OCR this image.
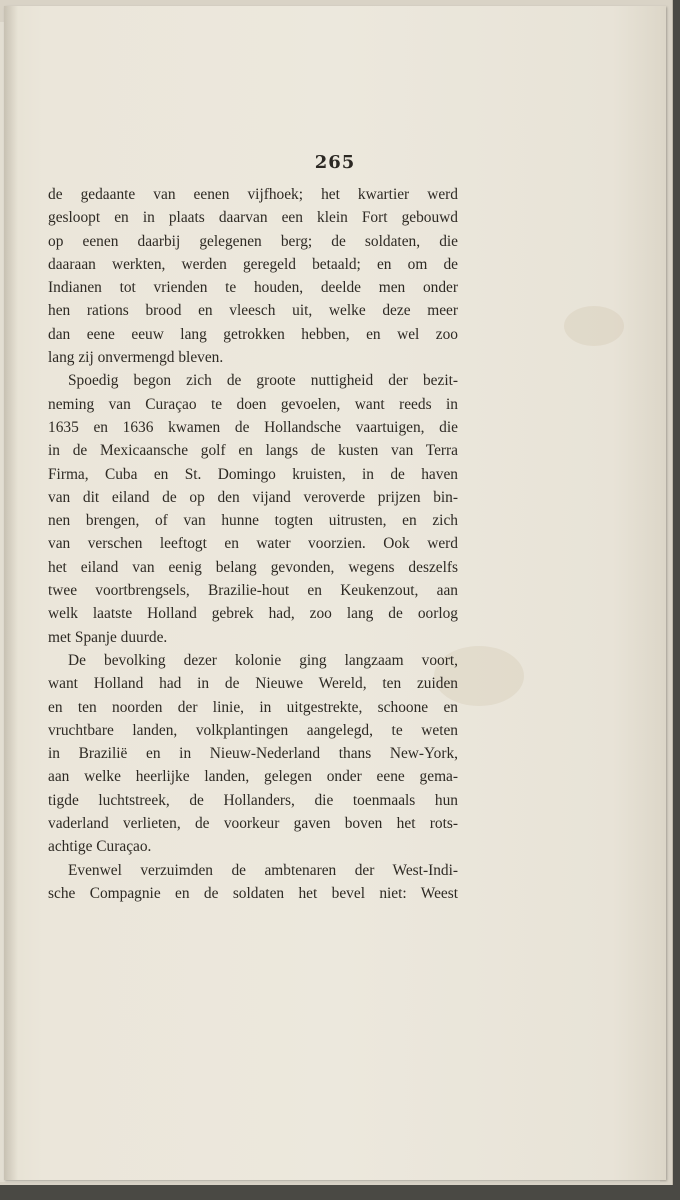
265
de gedaante van eenen vijfhoek; het kwartier werd
gesloopt en in plaats daarvan een klein Fort gebouwd
op eenen daarbij gelegenen berg; de soldaten, die
daaraan werkten, werden geregeld betaald; en om de
Indianen tot vrienden te houden, deelde men onder
hen rations brood en vleesch uit, welke deze meer
dan eene eeuw lang getrokken hebben, en wel zoo
lang zij onvermengd bleven.
Spoedig begon zich de groote nuttigheid der bezit-
neming van Curaçao te doen gevoelen, want reeds in
1635 en 1636 kwamen de Hollandsche vaartuigen, die
in de Mexicaansche golf en langs de kusten van Terra
Firma, Cuba en St. Domingo kruisten, in de haven
van dit eiland de op den vijand veroverde prijzen bin-
nen brengen, of van hunne togten uitrusten, en zich
van verschen leeftogt en water voorzien. Ook werd
het eiland van eenig belang gevonden, wegens deszelfs
twee voortbrengsels, Brazilie-hout en Keukenzout, aan
welk laatste Holland gebrek had, zoo lang de oorlog
met Spanje duurde.
De bevolking dezer kolonie ging langzaam voort,
want Holland had in de Nieuwe Wereld, ten zuiden
en ten noorden der linie, in uitgestrekte, schoone en
vruchtbare landen, volkplantingen aangelegd, te weten
in Brazilië en in Nieuw-Nederland thans New-York,
aan welke heerlijke landen, gelegen onder eene gema-
tigde luchtstreek, de Hollanders, die toenmaals hun
vaderland verlieten, de voorkeur gaven boven het rots-
achtige Curaçao.
Evenwel verzuimden de ambtenaren der West-Indi-
sche Compagnie en de soldaten het bevel niet: Weest
